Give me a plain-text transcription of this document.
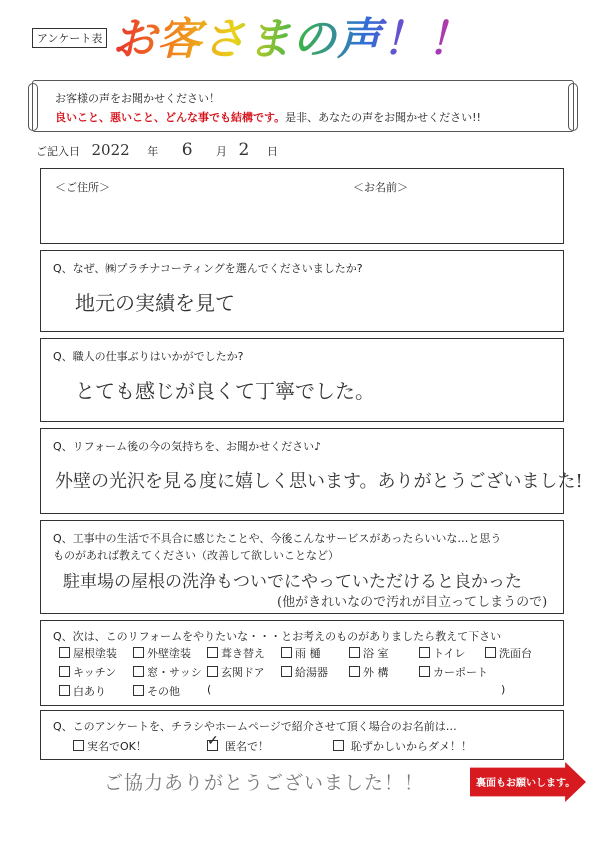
アンケート表 お客さまの声！！
お客様の声をお聞かせください！
良いこと、悪いこと、どんな事でも結構です。是非、あなたの声をお聞かせください!!
ご記入日 2022 年 6 月 2 日
＜ご住所＞	＜お名前＞
Q、なぜ、㈱プラチナコーティングを選んでくださいましたか?
地元の実績を見て
Q、職人の仕事ぶりはいかがでしたか?
とても感じが良くて丁寧でした。
Q、リフォーム後の今の気持ちを、お聞かせください♪
外壁の光沢を見る度に嬉しく思います。ありがとうございました!
Q、工事中の生活で不具合に感じたことや、今後こんなサービスがあったらいいな…と思う
ものがあれば教えてください（改善して欲しいことなど）
駐車場の屋根の洗浄もついでにやっていただけると良かった
(他がきれいなので汚れが目立ってしまうので)
Q、次は、このリフォームをやりたいな・・・とお考えのものがありましたら教えて下さい
屋根塗装	外壁塗装	葺き替え	雨 樋	浴 室	トイレ	洗面台
キッチン	窓・サッシ	玄関ドア	給湯器	外 構	カーポート
白あり	その他 (	)
Q、このアンケートを、チラシやホームページで紹介させて頂く場合のお名前は…
実名でOK！	✓ 匿名で！	恥ずかしいからダメ！！
ご協力ありがとうございました！！	裏面もお願いします。
